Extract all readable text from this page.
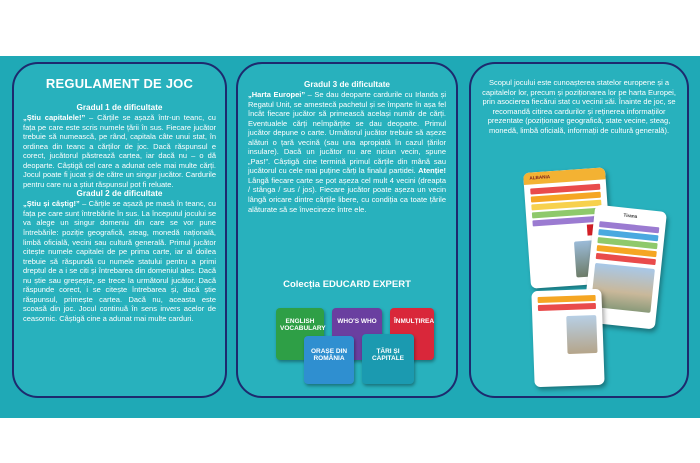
REGULAMENT DE JOC
Gradul 1 de dificultate
„Știu capitalele!” – Cărțile se așază într-un teanc, cu fața pe care este scris numele țării în sus. Fiecare jucător trebuie să numească, pe rând, capitala câte unui stat, în ordinea din teanc a cărților de joc. Dacă răspunsul e corect, jucătorul păstrează cartea, iar dacă nu – o dă deoparte. Câștigă cel care a adunat cele mai multe cărți. Jocul poate fi jucat și de către un singur jucător. Cardurile pentru care nu a știut răspunsul pot fi reluate.
Gradul 2 de dificultate
„Știu și câștig!” – Cărțile se așază pe masă în teanc, cu fața pe care sunt întrebările în sus. La începutul jocului se va alege un singur domeniu din care se vor pune întrebările: poziție geografică, steag, monedă națională, limbă oficială, vecini sau cultură generală. Primul jucător citește numele capitalei de pe prima carte, iar al doilea trebuie să răspundă cu numele statului pentru a primi dreptul de a i se citi și întrebarea din domeniul ales. Dacă nu știe sau greșește, se trece la următorul jucător. Dacă răspunde corect, i se citește întrebarea și, dacă știe răspunsul, primește cartea. Dacă nu, aceasta este scoasă din joc. Jocul continuă în sens invers acelor de ceasornic. Câștigă cine a adunat mai multe carduri.
Gradul 3 de dificultate
„Harta Europei” – Se dau deoparte cardurile cu Irlanda și Regatul Unit, se amestecă pachetul și se împarte în așa fel încât fiecare jucător să primească același număr de cărți. Eventualele cărți neîmpărțite se dau deoparte. Primul jucător depune o carte. Următorul jucător trebuie să așeze alături o țară vecină (sau una apropiată în cazul țărilor insulare). Dacă un jucător nu are niciun vecin, spune „Pas!”. Câștigă cine termină primul cărțile din mână sau jucătorul cu cele mai puține cărți la finalul partidei. Atenție! Lângă fiecare carte se pot așeza cel mult 4 vecini (dreapta / stânga / sus / jos). Fiecare jucător poate așeza un vecin lângă oricare dintre cărțile libere, cu condiția ca toate țările alăturate să se învecineze între ele.
Colecția EDUCARD EXPERT
ENGLISH VOCABULARY
WHO'S WHO	ÎNMULȚIREA
ORAȘE DIN ROMÂNIA
ȚĂRI ȘI CAPITALE
Scopul jocului este cunoașterea statelor europene și a capitalelor lor, precum și poziționarea lor pe harta Europei, prin asocierea fiecărui stat cu vecinii săi. Înainte de joc, se recomandă citirea cardurilor și reținerea informațiilor prezentate (poziționare geografică, state vecine, steag, monedă, limbă oficială, informații de cultură generală).
ALBANIA
Tirana
